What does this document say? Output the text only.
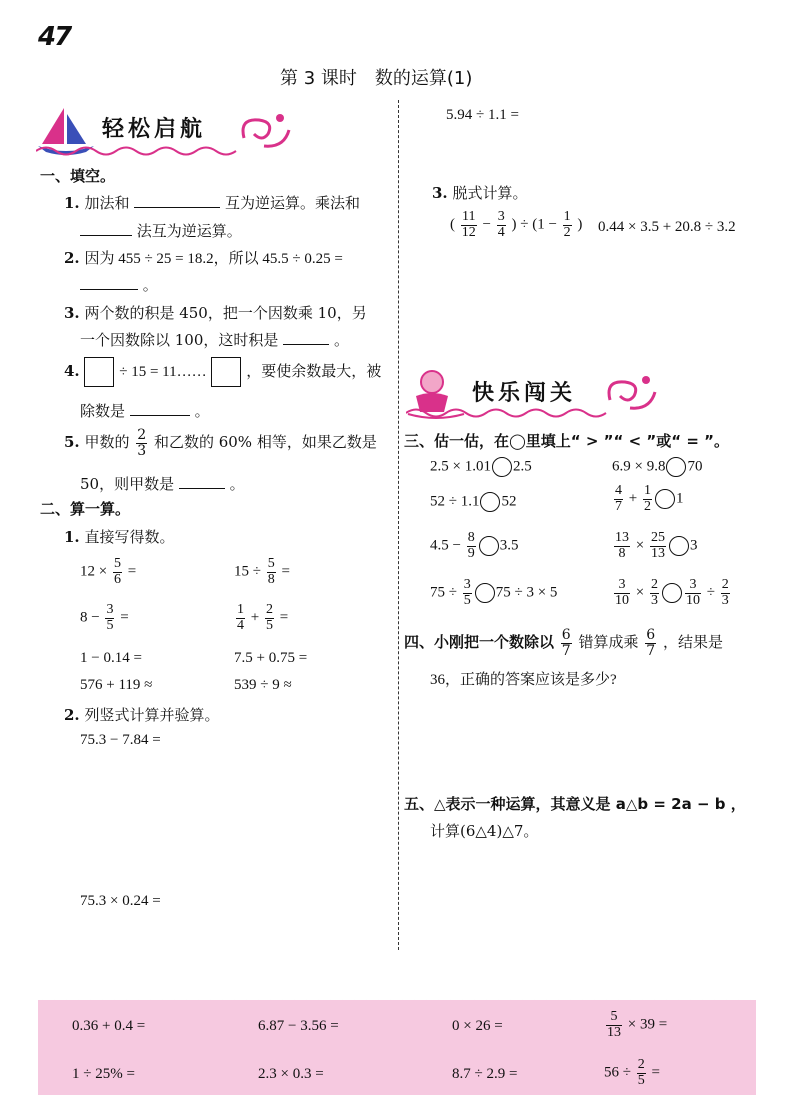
47
第 3 课时　数的运算(1)
轻松启航
一、填空。
1. 加法和	互为逆运算。乘法和
法互为逆运算。
2. 因为 455 ÷ 25 = 18.2，所以 45.5 ÷ 0.25 =
。
3. 两个数的积是 450，把一个因数乘 10，另
一个因数除以 100，这时积是	。
4.	÷ 15 = 11……	，要使余数最大，被
除数是	。
5. 甲数的 $\frac{2}{3}$ 和乙数的 60% 相等，如果乙数是
50，则甲数是	。
二、算一算。
1. 直接写得数。
$12 \times \frac{5}{6}$ =	$15 \div \frac{5}{8}$ =
$8 - \frac{3}{5}$ =	$\frac{1}{4} + \frac{2}{5}$ =
1 − 0.14 =	7.5 + 0.75 =
576 + 119 ≈	539 ÷ 9 ≈
2. 列竖式计算并验算。
75.3 − 7.84 =
75.3 × 0.24 =
5.94 ÷ 1.1 =
3. 脱式计算。
( $\frac{11}{12} - \frac{3}{4}$ ) ÷ ($1 - \frac{1}{2}$ ) 0.44 × 3.5 + 20.8 ÷ 3.2
快乐闯关
三、估一估，在◯里填上“ > ”“ < ”或“ = ”。
2.5 × 1.01 2.5	6.9 × 9.8 70
52 ÷ 1.1 52	$\frac{4}{7} + \frac{1}{2} 1$
$4.5 - \frac{8}{9} 3.5$	$\frac{13}{8} \times \frac{25}{13} 3$
$75 \div \frac{3}{5} 75 \div 3 \times 5$	$\frac{3}{10} \times \frac{2}{3} \frac{3}{10} \div \frac{2}{3}$
四、小刚把一个数除以 $\frac{6}{7}$ 错算成乘 $\frac{6}{7}$ ，结果是
36，正确的答案应该是多少?
五、△表示一种运算，其意义是 a△b = 2a − b ，
计算(6△4)△7。
0.36 + 0.4 =	6.87 − 3.56 =	0 × 26 =	$\frac{5}{13} \times 39$ =
1 ÷ 25% =	2.3 × 0.3 =	8.7 ÷ 2.9 =	$56 \div \frac{2}{5}$ =
